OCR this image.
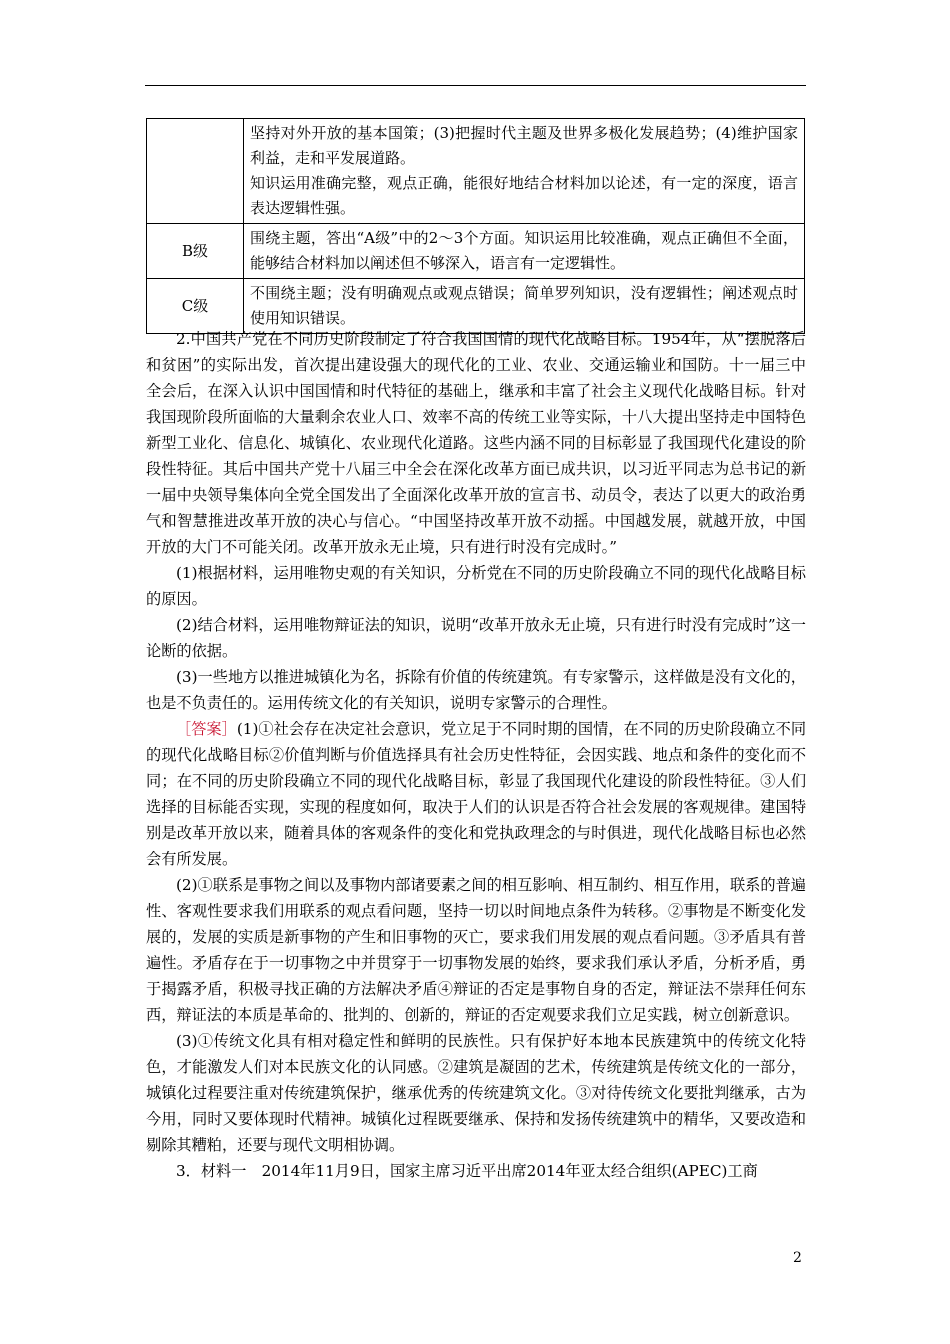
	坚持对外开放的基本国策；(3)把握时代主题及世界多极化发展趋势；(4)维护国家利益，走和平发展道路。
知识运用准确完整，观点正确，能很好地结合材料加以论述，有一定的深度，语言表达逻辑性强。

B级	围绕主题，答出“A级”中的2～3个方面。知识运用比较准确，观点正确但不全面，能够结合材料加以阐述但不够深入，语言有一定逻辑性。
C级	不围绕主题；没有明确观点或观点错误；简单罗列知识，没有逻辑性；阐述观点时使用知识错误。

2.中国共产党在不同历史阶段制定了符合我国国情的现代化战略目标。1954年，从“摆脱落后和贫困”的实际出发，首次提出建设强大的现代化的工业、农业、交通运输业和国防。十一届三中全会后，在深入认识中国国情和时代特征的基础上，继承和丰富了社会主义现代化战略目标。针对我国现阶段所面临的大量剩余农业人口、效率不高的传统工业等实际，十八大提出坚持走中国特色新型工业化、信息化、城镇化、农业现代化道路。这些内涵不同的目标彰显了我国现代化建设的阶段性特征。其后中国共产党十八届三中全会在深化改革方面已成共识，以习近平同志为总书记的新一届中央领导集体向全党全国发出了全面深化改革开放的宣言书、动员令，表达了以更大的政治勇气和智慧推进改革开放的决心与信心。“中国坚持改革开放不动摇。中国越发展，就越开放，中国开放的大门不可能关闭。改革开放永无止境，只有进行时没有完成时。”

(1)根据材料，运用唯物史观的有关知识，分析党在不同的历史阶段确立不同的现代化战略目标的原因。

(2)结合材料，运用唯物辩证法的知识，说明“改革开放永无止境，只有进行时没有完成时”这一论断的依据。

(3)一些地方以推进城镇化为名，拆除有价值的传统建筑。有专家警示，这样做是没有文化的，也是不负责任的。运用传统文化的有关知识，说明专家警示的合理性。

［答案］(1)①社会存在决定社会意识，党立足于不同时期的国情，在不同的历史阶段确立不同的现代化战略目标②价值判断与价值选择具有社会历史性特征，会因实践、地点和条件的变化而不同；在不同的历史阶段确立不同的现代化战略目标，彰显了我国现代化建设的阶段性特征。③人们选择的目标能否实现，实现的程度如何，取决于人们的认识是否符合社会发展的客观规律。建国特别是改革开放以来，随着具体的客观条件的变化和党执政理念的与时俱进，现代化战略目标也必然会有所发展。

(2)①联系是事物之间以及事物内部诸要素之间的相互影响、相互制约、相互作用，联系的普遍性、客观性要求我们用联系的观点看问题，坚持一切以时间地点条件为转移。②事物是不断变化发展的，发展的实质是新事物的产生和旧事物的灭亡，要求我们用发展的观点看问题。③矛盾具有普遍性。矛盾存在于一切事物之中并贯穿于一切事物发展的始终，要求我们承认矛盾，分析矛盾，勇于揭露矛盾，积极寻找正确的方法解决矛盾④辩证的否定是事物自身的否定，辩证法不崇拜任何东西，辩证法的本质是革命的、批判的、创新的，辩证的否定观要求我们立足实践，树立创新意识。

(3)①传统文化具有相对稳定性和鲜明的民族性。只有保护好本地本民族建筑中的传统文化特色，才能激发人们对本民族文化的认同感。②建筑是凝固的艺术，传统建筑是传统文化的一部分，城镇化过程要注重对传统建筑保护，继承优秀的传统建筑文化。③对待传统文化要批判继承，古为今用，同时又要体现时代精神。城镇化过程既要继承、保持和发扬传统建筑中的精华，又要改造和剔除其糟粕，还要与现代文明相协调。

3．材料一　2014年11月9日，国家主席习近平出席2014年亚太经合组织(APEC)工商

2
